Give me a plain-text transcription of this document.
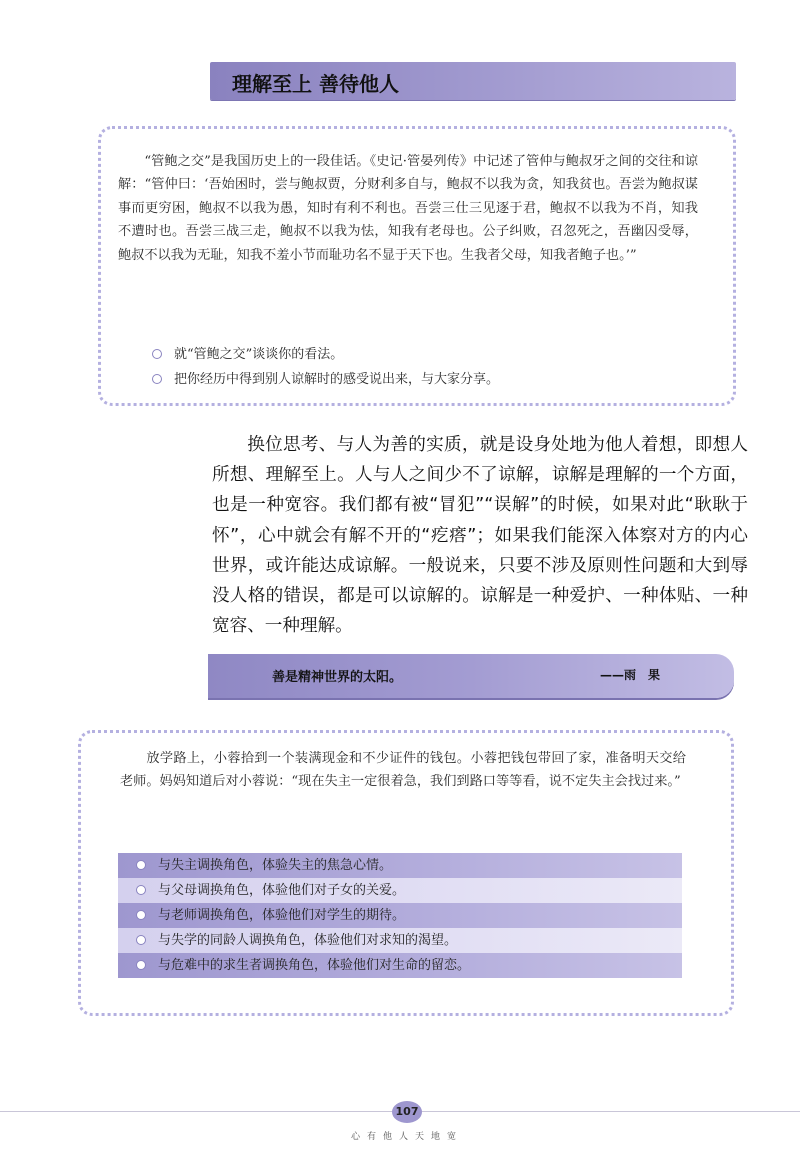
理解至上 善待他人

“管鲍之交”是我国历史上的一段佳话。《史记·管晏列传》中记述了管仲与鲍叔牙之间的交往和谅解：“管仲曰：‘吾始困时，尝与鲍叔贾，分财利多自与，鲍叔不以我为贪，知我贫也。吾尝为鲍叔谋事而更穷困，鲍叔不以我为愚，知时有利不利也。吾尝三仕三见逐于君，鲍叔不以我为不肖，知我不遭时也。吾尝三战三走，鲍叔不以我为怯，知我有老母也。公子纠败，召忽死之，吾幽囚受辱，鲍叔不以我为无耻，知我不羞小节而耻功名不显于天下也。生我者父母，知我者鲍子也。’”

就“管鲍之交”谈谈你的看法。
把你经历中得到别人谅解时的感受说出来，与大家分享。

换位思考、与人为善的实质，就是设身处地为他人着想，即想人所想、理解至上。人与人之间少不了谅解，谅解是理解的一个方面，也是一种宽容。我们都有被“冒犯”“误解”的时候，如果对此“耿耿于怀”，心中就会有解不开的“疙瘩”；如果我们能深入体察对方的内心世界，或许能达成谅解。一般说来，只要不涉及原则性问题和大到辱没人格的错误，都是可以谅解的。谅解是一种爱护、一种体贴、一种宽容、一种理解。

善是精神世界的太阳。	——雨　果

放学路上，小蓉拾到一个装满现金和不少证件的钱包。小蓉把钱包带回了家，准备明天交给老师。妈妈知道后对小蓉说：“现在失主一定很着急，我们到路口等等看，说不定失主会找过来。”

与失主调换角色，体验失主的焦急心情。
与父母调换角色，体验他们对子女的关爱。
与老师调换角色，体验他们对学生的期待。
与失学的同龄人调换角色，体验他们对求知的渴望。
与危难中的求生者调换角色，体验他们对生命的留恋。
107
心有他人天地宽
